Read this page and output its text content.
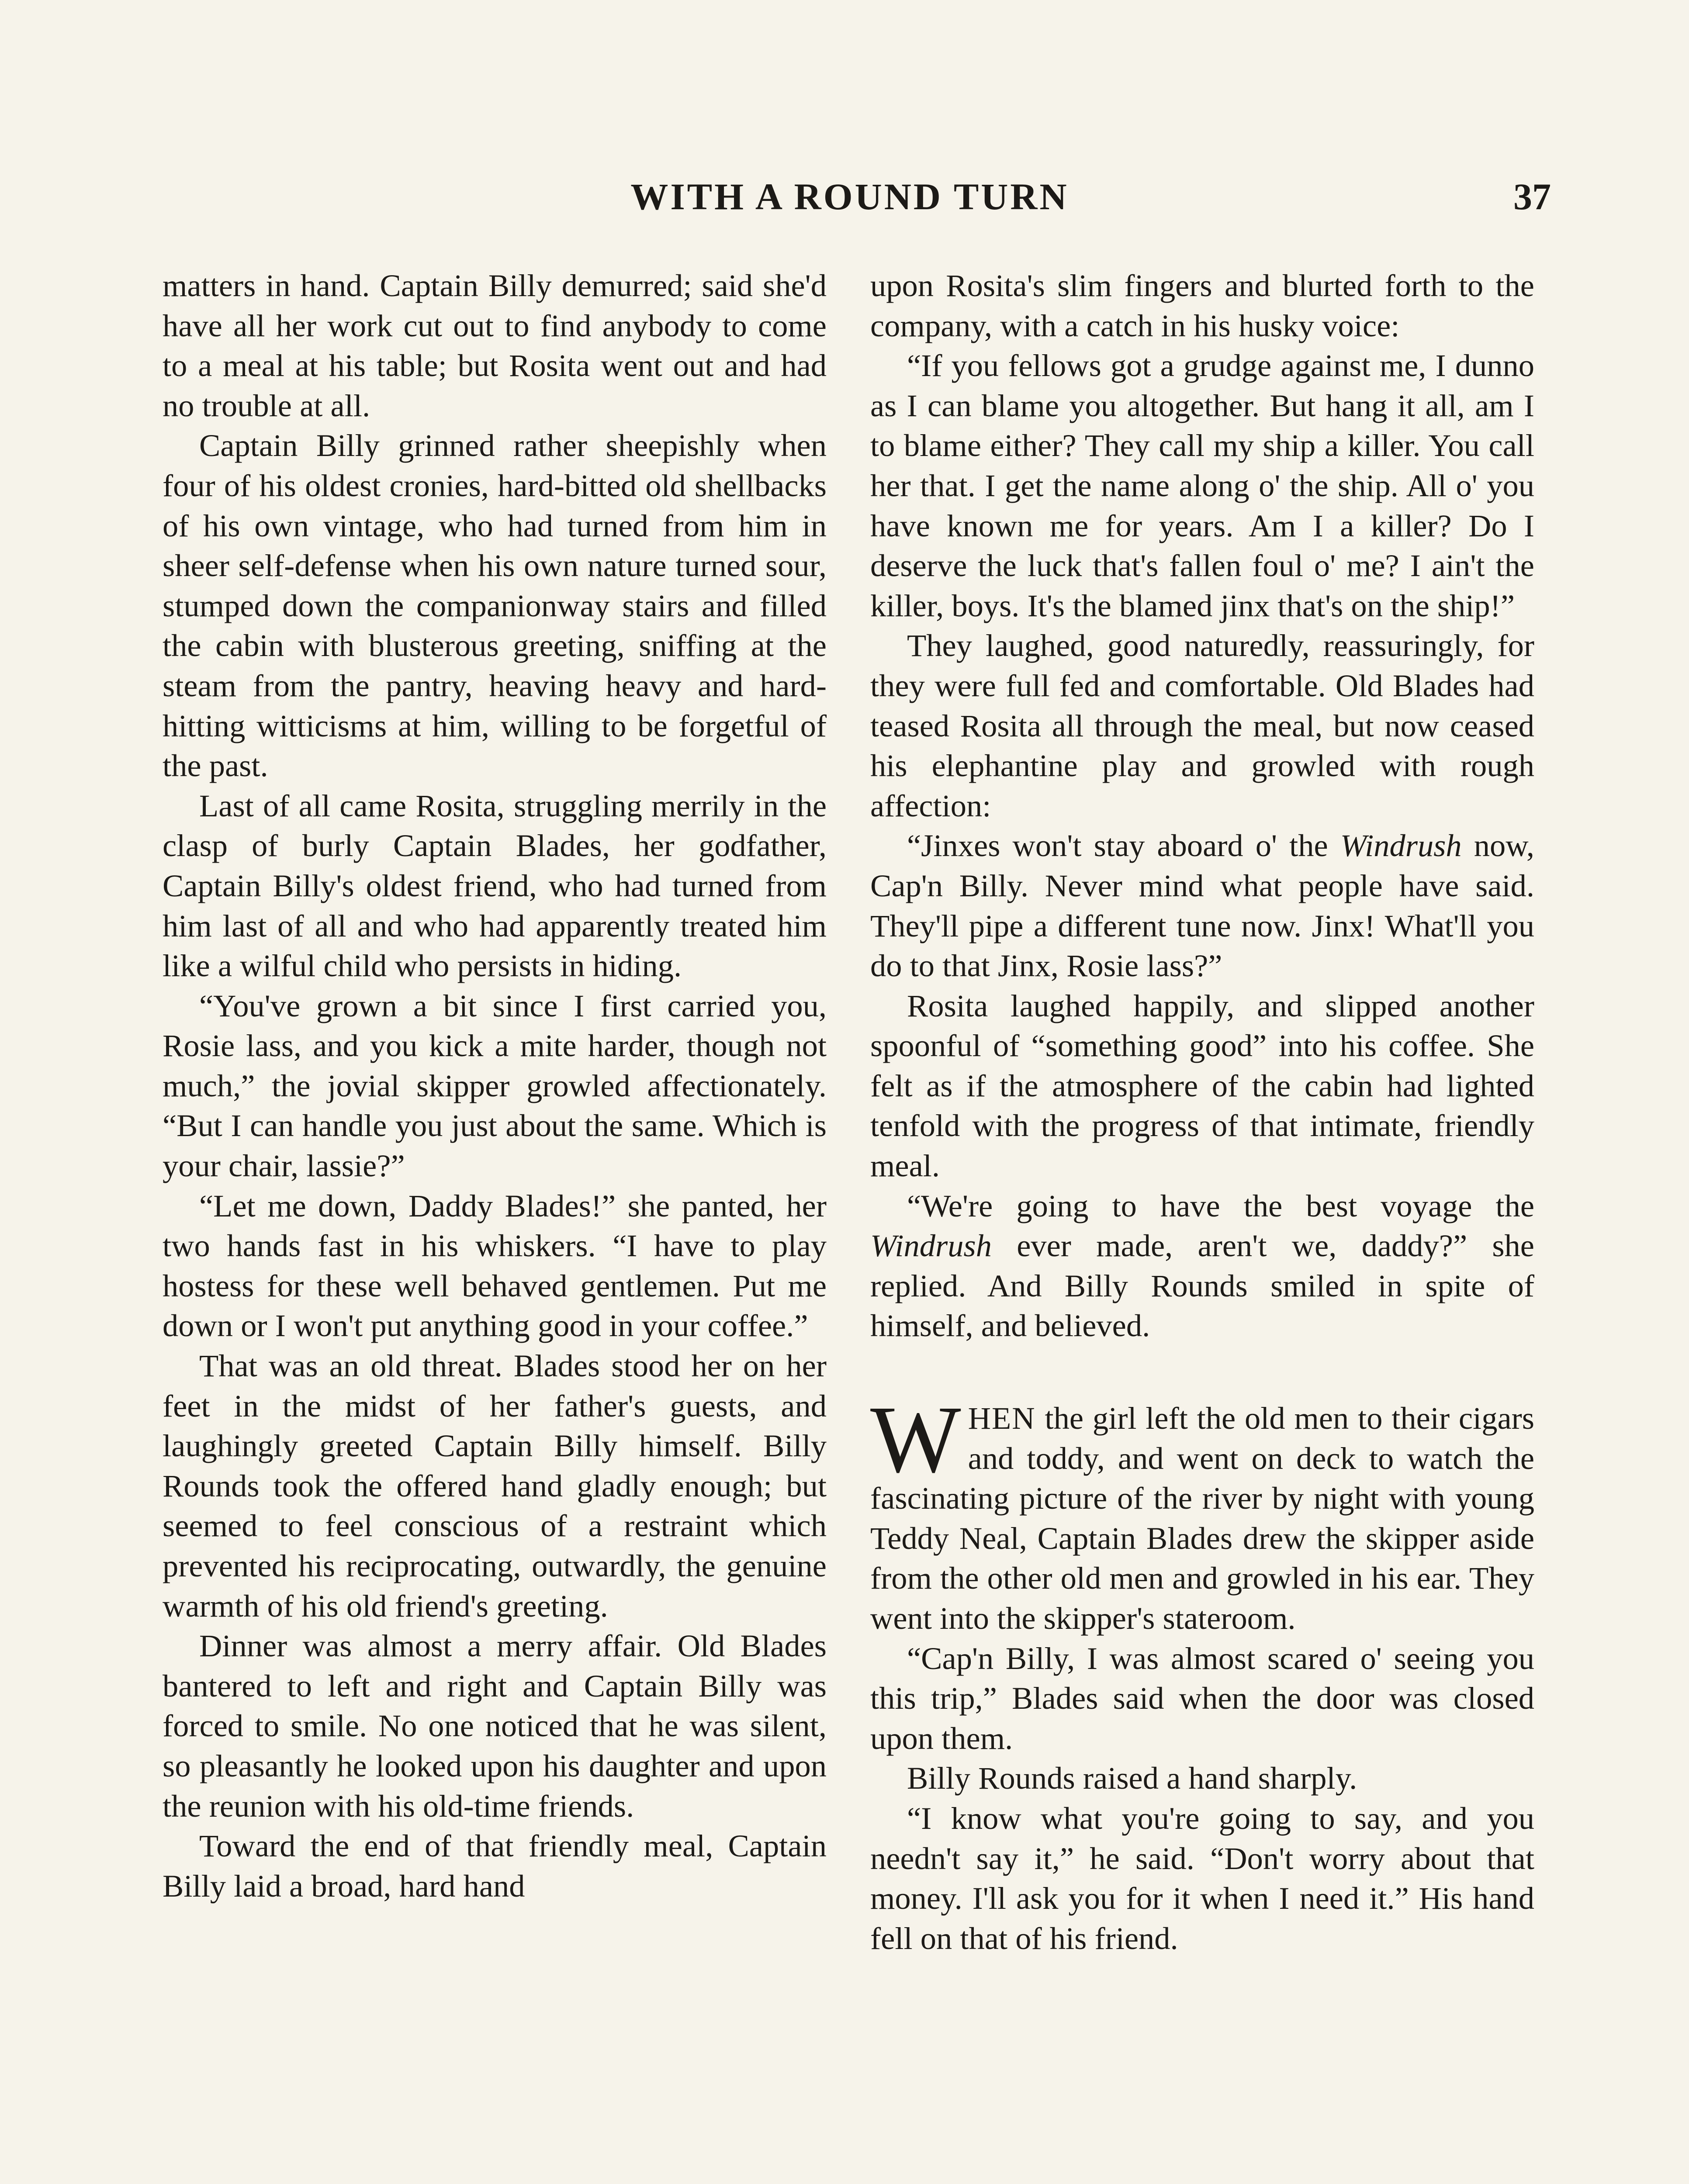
WITH A ROUND TURN	37

matters in hand. Captain Billy demurred; said she'd have all her work cut out to find anybody to come to a meal at his table; but Rosita went out and had no trouble at all.

Captain Billy grinned rather sheepishly when four of his oldest cronies, hard-bitted old shellbacks of his own vintage, who had turned from him in sheer self-defense when his own nature turned sour, stumped down the companionway stairs and filled the cabin with blusterous greeting, sniffing at the steam from the pantry, heaving heavy and hard-hitting witticisms at him, willing to be forgetful of the past.

Last of all came Rosita, struggling merrily in the clasp of burly Captain Blades, her godfather, Captain Billy's oldest friend, who had turned from him last of all and who had apparently treated him like a wilful child who persists in hiding.

“You've grown a bit since I first carried you, Rosie lass, and you kick a mite harder, though not much,” the jovial skipper growled affectionately. “But I can handle you just about the same. Which is your chair, lassie?”

“Let me down, Daddy Blades!” she panted, her two hands fast in his whiskers. “I have to play hostess for these well behaved gentlemen. Put me down or I won't put anything good in your coffee.”

That was an old threat. Blades stood her on her feet in the midst of her father's guests, and laughingly greeted Captain Billy himself. Billy Rounds took the offered hand gladly enough; but seemed to feel conscious of a restraint which prevented his reciprocating, outwardly, the genuine warmth of his old friend's greeting.

Dinner was almost a merry affair. Old Blades bantered to left and right and Captain Billy was forced to smile. No one noticed that he was silent, so pleasantly he looked upon his daughter and upon the reunion with his old-time friends.

Toward the end of that friendly meal, Captain Billy laid a broad, hard hand

upon Rosita's slim fingers and blurted forth to the company, with a catch in his husky voice:

“If you fellows got a grudge against me, I dunno as I can blame you altogether. But hang it all, am I to blame either? They call my ship a killer. You call her that. I get the name along o' the ship. All o' you have known me for years. Am I a killer? Do I deserve the luck that's fallen foul o' me? I ain't the killer, boys. It's the blamed jinx that's on the ship!”

They laughed, good naturedly, reassuringly, for they were full fed and comfortable. Old Blades had teased Rosita all through the meal, but now ceased his elephantine play and growled with rough affection:

“Jinxes won't stay aboard o' the Windrush now, Cap'n Billy. Never mind what people have said. They'll pipe a different tune now. Jinx! What'll you do to that Jinx, Rosie lass?”

Rosita laughed happily, and slipped another spoonful of “something good” into his coffee. She felt as if the atmosphere of the cabin had lighted tenfold with the progress of that intimate, friendly meal.

“We're going to have the best voyage the Windrush ever made, aren't we, daddy?” she replied. And Billy Rounds smiled in spite of himself, and believed.

WHEN the girl left the old men to their cigars and toddy, and went on deck to watch the fascinating picture of the river by night with young Teddy Neal, Captain Blades drew the skipper aside from the other old men and growled in his ear. They went into the skipper's stateroom.

“Cap'n Billy, I was almost scared o' seeing you this trip,” Blades said when the door was closed upon them.

Billy Rounds raised a hand sharply.

“I know what you're going to say, and you needn't say it,” he said. “Don't worry about that money. I'll ask you for it when I need it.” His hand fell on that of his friend.
